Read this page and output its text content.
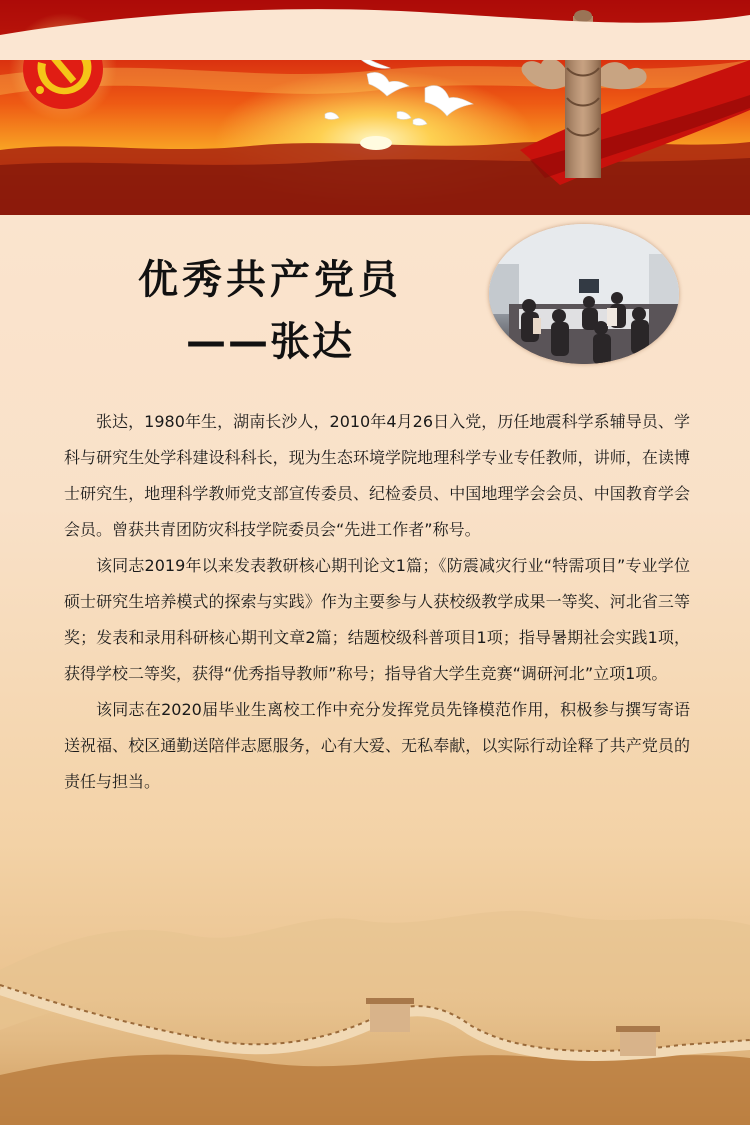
优秀共产党员
——张达

张达，1980年生，湖南长沙人，2010年4月26日入党，历任地震科学系辅导员、学科与研究生处学科建设科科长，现为生态环境学院地理科学专业专任教师，讲师，在读博士研究生，地理科学教师党支部宣传委员、纪检委员、中国地理学会会员、中国教育学会会员。曾获共青团防灾科技学院委员会“先进工作者”称号。

该同志2019年以来发表教研核心期刊论文1篇；《防震减灾行业“特需项目”专业学位硕士研究生培养模式的探索与实践》作为主要参与人获校级教学成果一等奖、河北省三等奖；发表和录用科研核心期刊文章2篇；结题校级科普项目1项；指导暑期社会实践1项，获得学校二等奖，获得“优秀指导教师”称号；指导省大学生竞赛“调研河北”立项1项。

该同志在2020届毕业生离校工作中充分发挥党员先锋模范作用，积极参与撰写寄语送祝福、校区通勤送陪伴志愿服务，心有大爱、无私奉献，以实际行动诠释了共产党员的责任与担当。
